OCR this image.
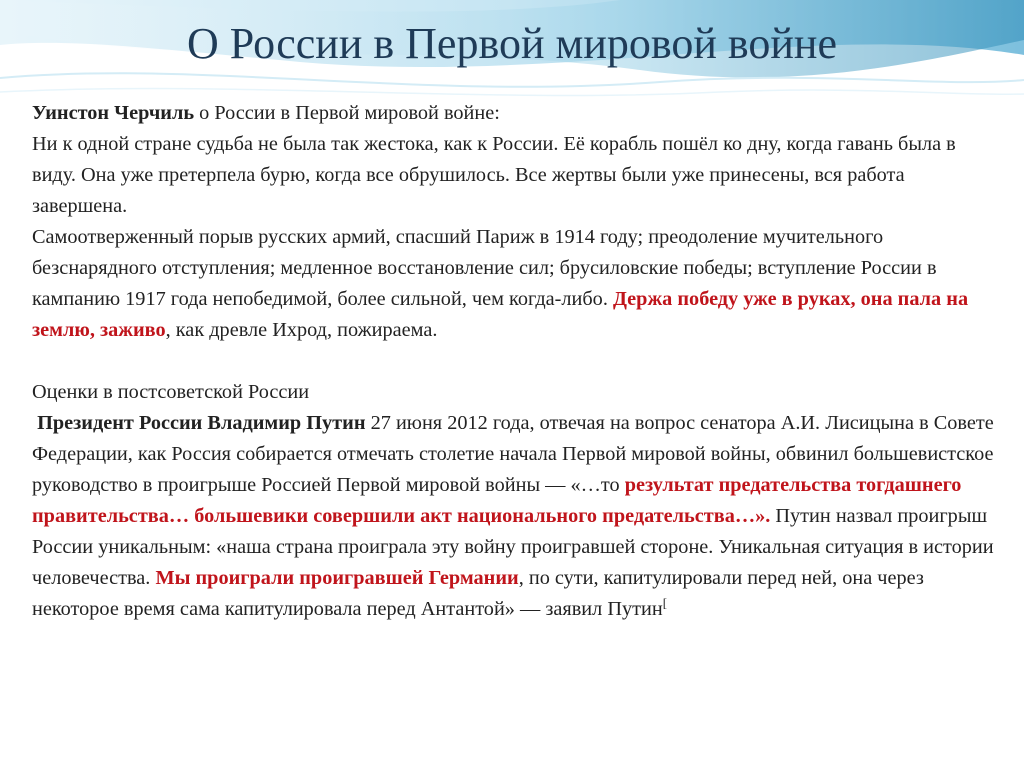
О России в Первой мировой войне

Уинстон Черчиль о России в Первой мировой войне:

Ни к одной стране судьба не была так жестока, как к России. Её корабль пошёл ко дну, когда гавань была в виду. Она уже претерпела бурю, когда все обрушилось. Все жертвы были уже принесены, вся работа завершена.

Самоотверженный порыв русских армий, спасший Париж в 1914 году; преодоление мучительного безснарядного отступления; медленное восстановление сил; брусиловские победы; вступление России в кампанию 1917 года непобедимой, более сильной, чем когда-либо. Держа победу уже в руках, она пала на землю, заживо, как древле Ихрод, пожираема.

Оценки в постсоветской России

Президент России Владимир Путин 27 июня 2012 года, отвечая на вопрос сенатора А.И. Лисицына в Совете Федерации, как Россия собирается отмечать столетие начала Первой мировой войны, обвинил большевистское руководство в проигрыше Россией Первой мировой войны — «…то результат предательства тогдашнего правительства… большевики совершили акт национального предательства…». Путин назвал проигрыш России уникальным: «наша страна проиграла эту войну проигравшей стороне. Уникальная ситуация в истории человечества. Мы проиграли проигравшей Германии, по сути, капитулировали перед ней, она через некоторое время сама капитулировала перед Антантой» — заявил Путин[
